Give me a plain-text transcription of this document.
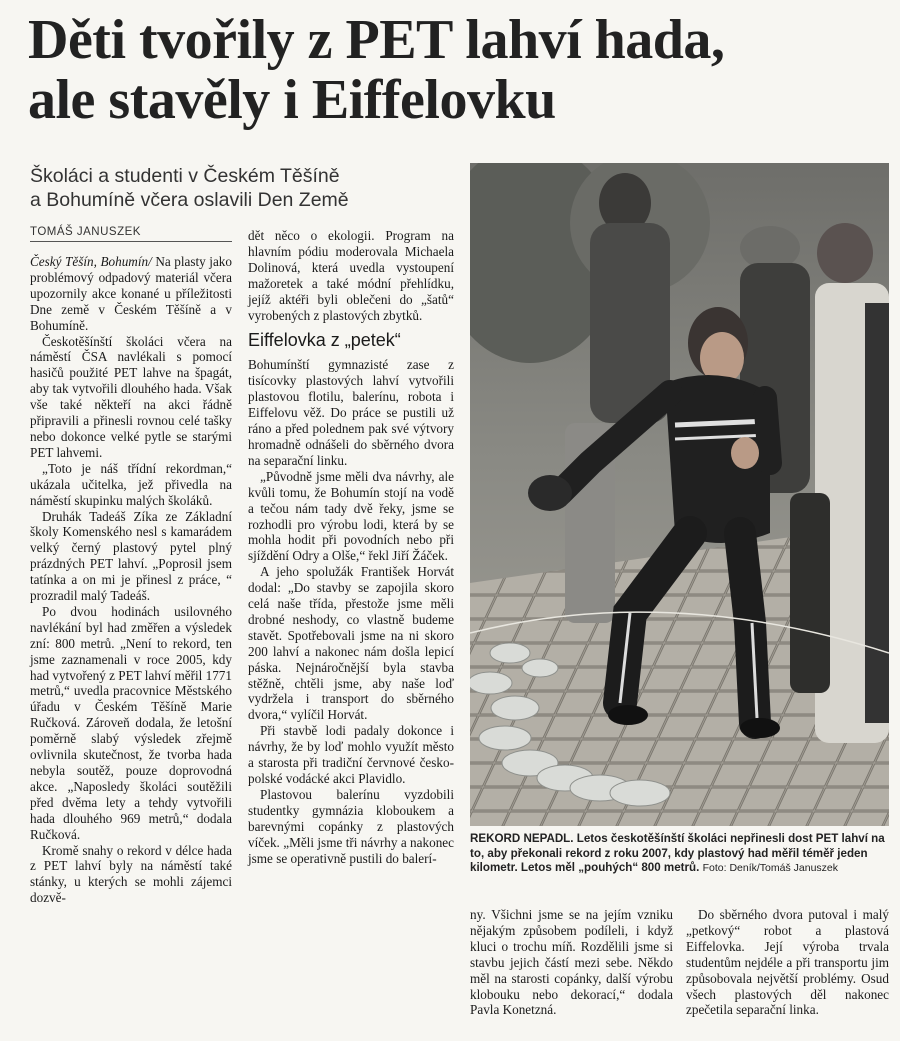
Děti tvořily z PET lahví hada,
ale stavěly i Eiffelovku
Školáci a studenti v Českém Těšíně
a Bohumíně včera oslavili Den Země
TOMÁŠ JANUSZEK

Český Těšín, Bohumín/ Na plasty jako problémový odpadový materiál včera upozornily akce konané u příležitosti Dne země v Českém Těšíně a v Bohumíně.

Českotěšínští školáci včera na náměstí ČSA navlékali s pomocí hasičů použité PET lahve na špagát, aby tak vytvořili dlouhého hada. Však vše také někteří na akci řádně připravili a přinesli rovnou celé tašky nebo dokonce velké pytle se starými PET lahvemi.

„Toto je náš třídní rekordman,“ ukázala učitelka, jež přivedla na náměstí skupinku malých školáků.

Druhák Tadeáš Zíka ze Základní školy Komenského nesl s kamarádem velký černý plastový pytel plný prázdných PET lahví. „Poprosil jsem tatínka a on mi je přinesl z práce, “ prozradil malý Tadeáš.

Po dvou hodinách usilovného navlékání byl had změřen a výsledek zní: 800 metrů. „Není to rekord, ten jsme zaznamenali v roce 2005, kdy had vytvořený z PET lahví měřil 1771 metrů,“ uvedla pracovnice Městského úřadu v Českém Těšíně Marie Ručková. Zároveň dodala, že letošní poměrně slabý výsledek zřejmě ovlivnila skutečnost, že tvorba hada nebyla soutěž, pouze doprovodná akce. „Naposledy školáci soutěžili před dvěma lety a tehdy vytvořili hada dlouhého 969 metrů,“ dodala Ručková.

Kromě snahy o rekord v délce hada z PET lahví byly na náměstí také stánky, u kterých se mohli zájemci dozvě-

dět něco o ekologii. Program na hlavním pódiu moderovala Michaela Dolinová, která uvedla vystoupení mažoretek a také módní přehlídku, jejíž aktéři byli oblečeni do „šatů“ vyrobených z plastových zbytků.

Eiffelovka z „petek“

Bohumínští gymnazisté zase z tisícovky plastových lahví vytvořili plastovou flotilu, balerínu, robota i Eiffelovu věž. Do práce se pustili už ráno a před polednem pak své výtvory hromadně odnášeli do sběrného dvora na separační linku.

„Původně jsme měli dva návrhy, ale kvůli tomu, že Bohumín stojí na vodě a tečou nám tady dvě řeky, jsme se rozhodli pro výrobu lodi, která by se mohla hodit při povodních nebo při sjíždění Odry a Olše,“ řekl Jiří Žáček.

A jeho spolužák František Horvát dodal: „Do stavby se zapojila skoro celá naše třída, přestože jsme měli drobné neshody, co vlastně budeme stavět. Spotřebovali jsme na ni skoro 200 lahví a nakonec nám došla lepicí páska. Nejnáročnější byla stavba stěžně, chtěli jsme, aby naše loď vydržela i transport do sběrného dvora,“ vylíčil Horvát.

Při stavbě lodi padaly dokonce i návrhy, že by loď mohlo využít město a starosta při tradiční červnové česko-polské vodácké akci Plavidlo.

Plastovou balerínu vyzdobili studentky gymnázia kloboukem a barevnými copánky z plastových víček. „Měli jsme tři návrhy a nakonec jsme se operativně pustili do balerí-

REKORD NEPADL. Letos českotěšínští školáci nepřinesli dost PET lahví na to, aby překonali rekord z roku 2007, kdy plastový had měřil téměř jeden kilometr. Letos měl „pouhých“ 800 metrů. Foto: Deník/Tomáš Januszek

ny. Všichni jsme se na jejím vzniku nějakým způsobem podíleli, i když kluci o trochu míň. Rozdělili jsme si stavbu jejich částí mezi sebe. Někdo měl na starosti copánky, další výrobu klobouku nebo dekorací,“ dodala Pavla Konetzná.

Do sběrného dvora putoval i malý „petkový“ robot a plastová Eiffelovka. Její výroba trvala studentům nejdéle a při transportu jim způsobovala největší problémy. Osud všech plastových děl nakonec zpečetila separační linka.
